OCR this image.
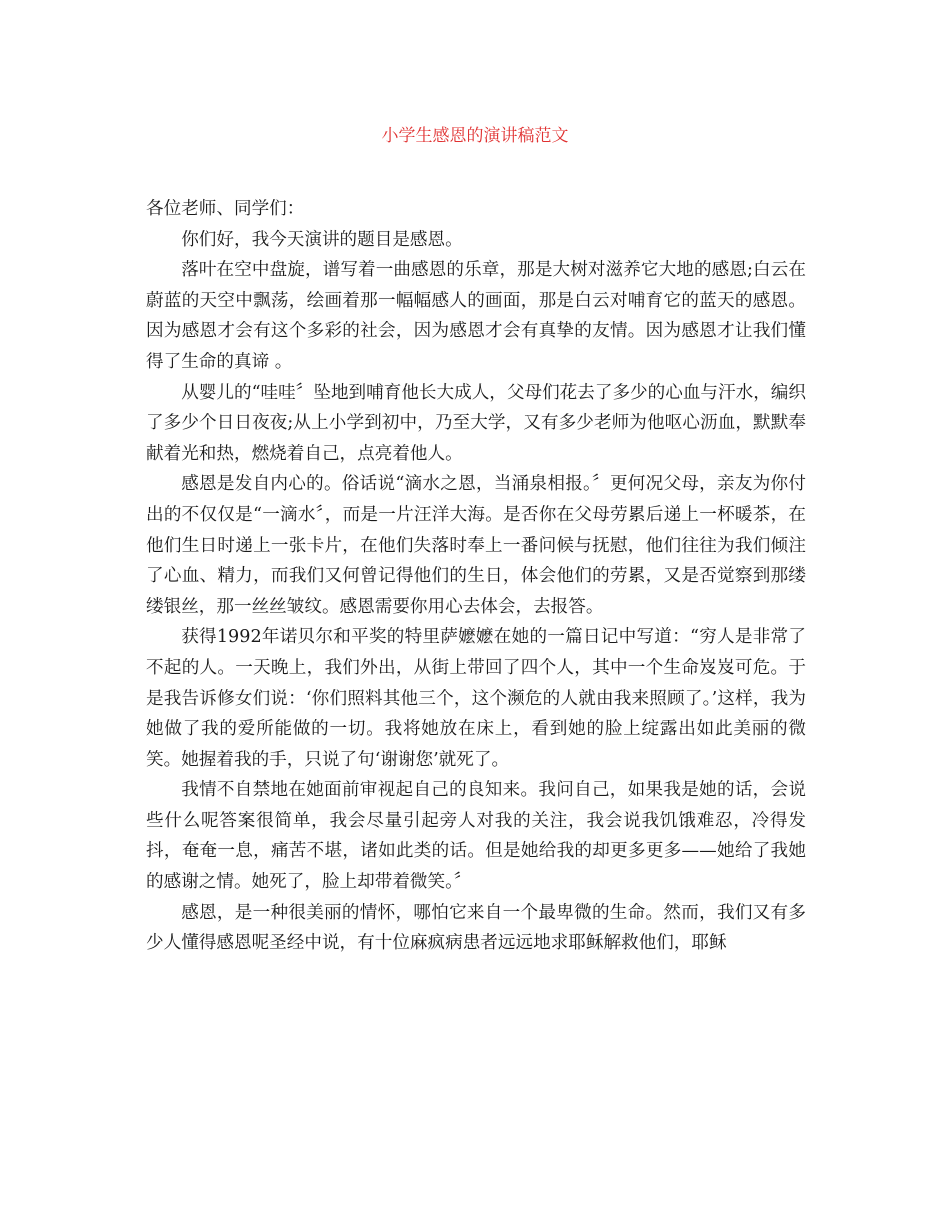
小学生感恩的演讲稿范文

各位老师、同学们：

你们好，我今天演讲的题目是感恩。

落叶在空中盘旋，谱写着一曲感恩的乐章，那是大树对滋养它大地的感恩;白云在蔚蓝的天空中飘荡，绘画着那一幅幅感人的画面，那是白云对哺育它的蓝天的感恩。因为感恩才会有这个多彩的社会，因为感恩才会有真挚的友情。因为感恩才让我们懂得了生命的真谛 。

从婴儿的“哇哇〞坠地到哺育他长大成人，父母们花去了多少的心血与汗水，编织了多少个日日夜夜;从上小学到初中，乃至大学，又有多少老师为他呕心沥血，默默奉献着光和热，燃烧着自己，点亮着他人。

感恩是发自内心的。俗话说“滴水之恩，当涌泉相报。〞更何况父母，亲友为你付出的不仅仅是“一滴水〞，而是一片汪洋大海。是否你在父母劳累后递上一杯暖茶，在他们生日时递上一张卡片，在他们失落时奉上一番问候与抚慰，他们往往为我们倾注了心血、精力，而我们又何曾记得他们的生日，体会他们的劳累，又是否觉察到那缕缕银丝，那一丝丝皱纹。感恩需要你用心去体会，去报答。

获得1992年诺贝尔和平奖的特里萨嬷嬷在她的一篇日记中写道：“穷人是非常了不起的人。一天晚上，我们外出，从街上带回了四个人，其中一个生命岌岌可危。于是我告诉修女们说：‘你们照料其他三个，这个濒危的人就由我来照顾了。’这样，我为她做了我的爱所能做的一切。我将她放在床上，看到她的脸上绽露出如此美丽的微笑。她握着我的手，只说了句‘谢谢您’就死了。

我情不自禁地在她面前审视起自己的良知来。我问自己，如果我是她的话，会说些什么呢答案很简单，我会尽量引起旁人对我的关注，我会说我饥饿难忍，冷得发抖，奄奄一息，痛苦不堪，诸如此类的话。但是她给我的却更多更多——她给了我她的感谢之情。她死了，脸上却带着微笑。〞

感恩，是一种很美丽的情怀，哪怕它来自一个最卑微的生命。然而，我们又有多少人懂得感恩呢圣经中说，有十位麻疯病患者远远地求耶稣解救他们，耶稣
